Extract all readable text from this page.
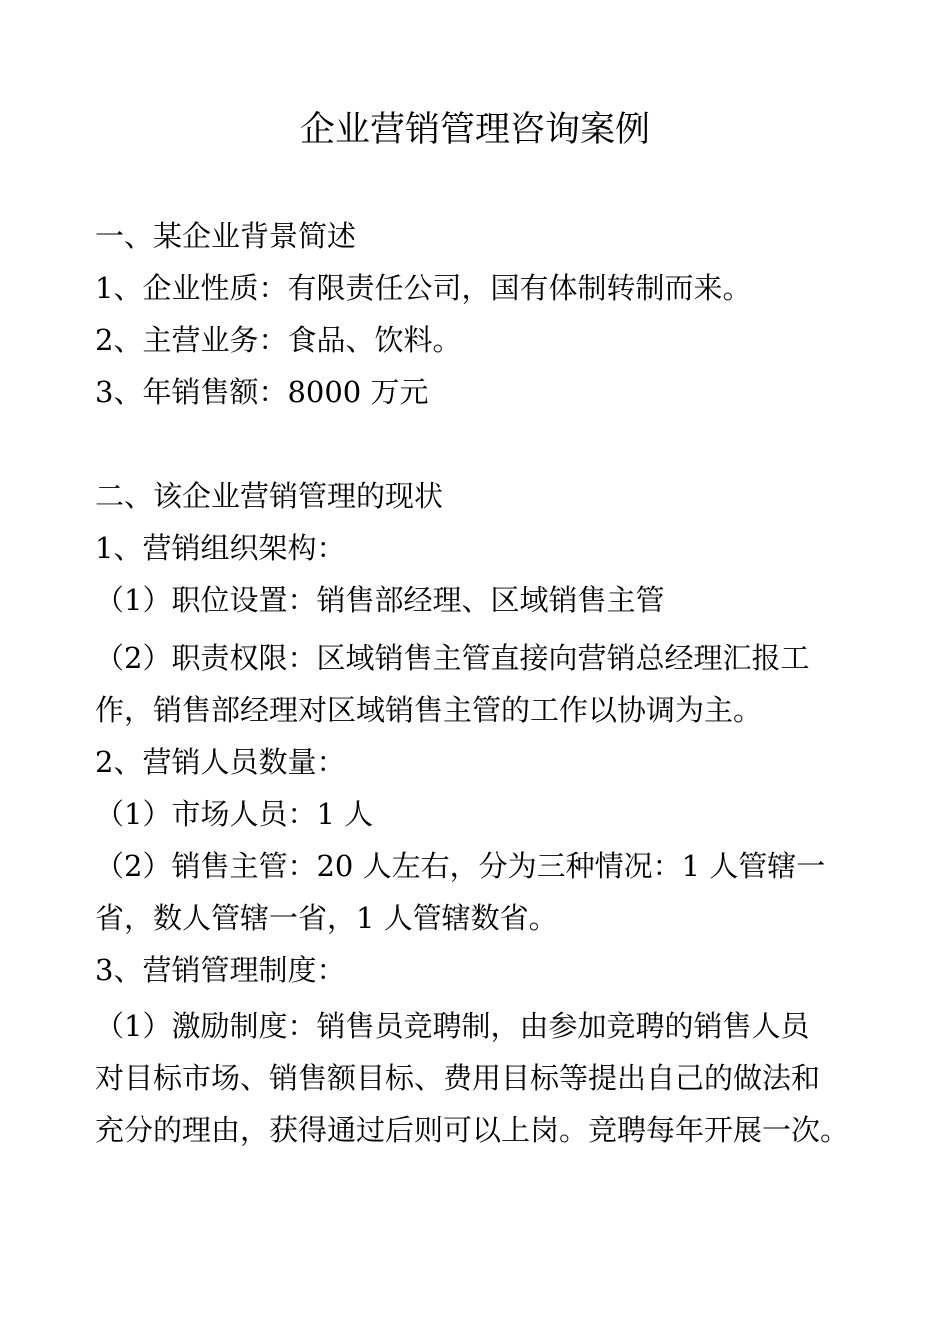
企业营销管理咨询案例
一、某企业背景简述
1、企业性质：有限责任公司，国有体制转制而来。
2、主营业务：食品、饮料。
3、年销售额：8000 万元
二、该企业营销管理的现状
1、营销组织架构：
（1）职位设置：销售部经理、区域销售主管
（2）职责权限：区域销售主管直接向营销总经理汇报工
作，销售部经理对区域销售主管的工作以协调为主。
2、营销人员数量：
（1）市场人员：1 人
（2）销售主管：20 人左右，分为三种情况：1 人管辖一
省，数人管辖一省，1 人管辖数省。
3、营销管理制度：
（1）激励制度：销售员竞聘制，由参加竞聘的销售人员
对目标市场、销售额目标、费用目标等提出自己的做法和
充分的理由，获得通过后则可以上岗。竞聘每年开展一次。
